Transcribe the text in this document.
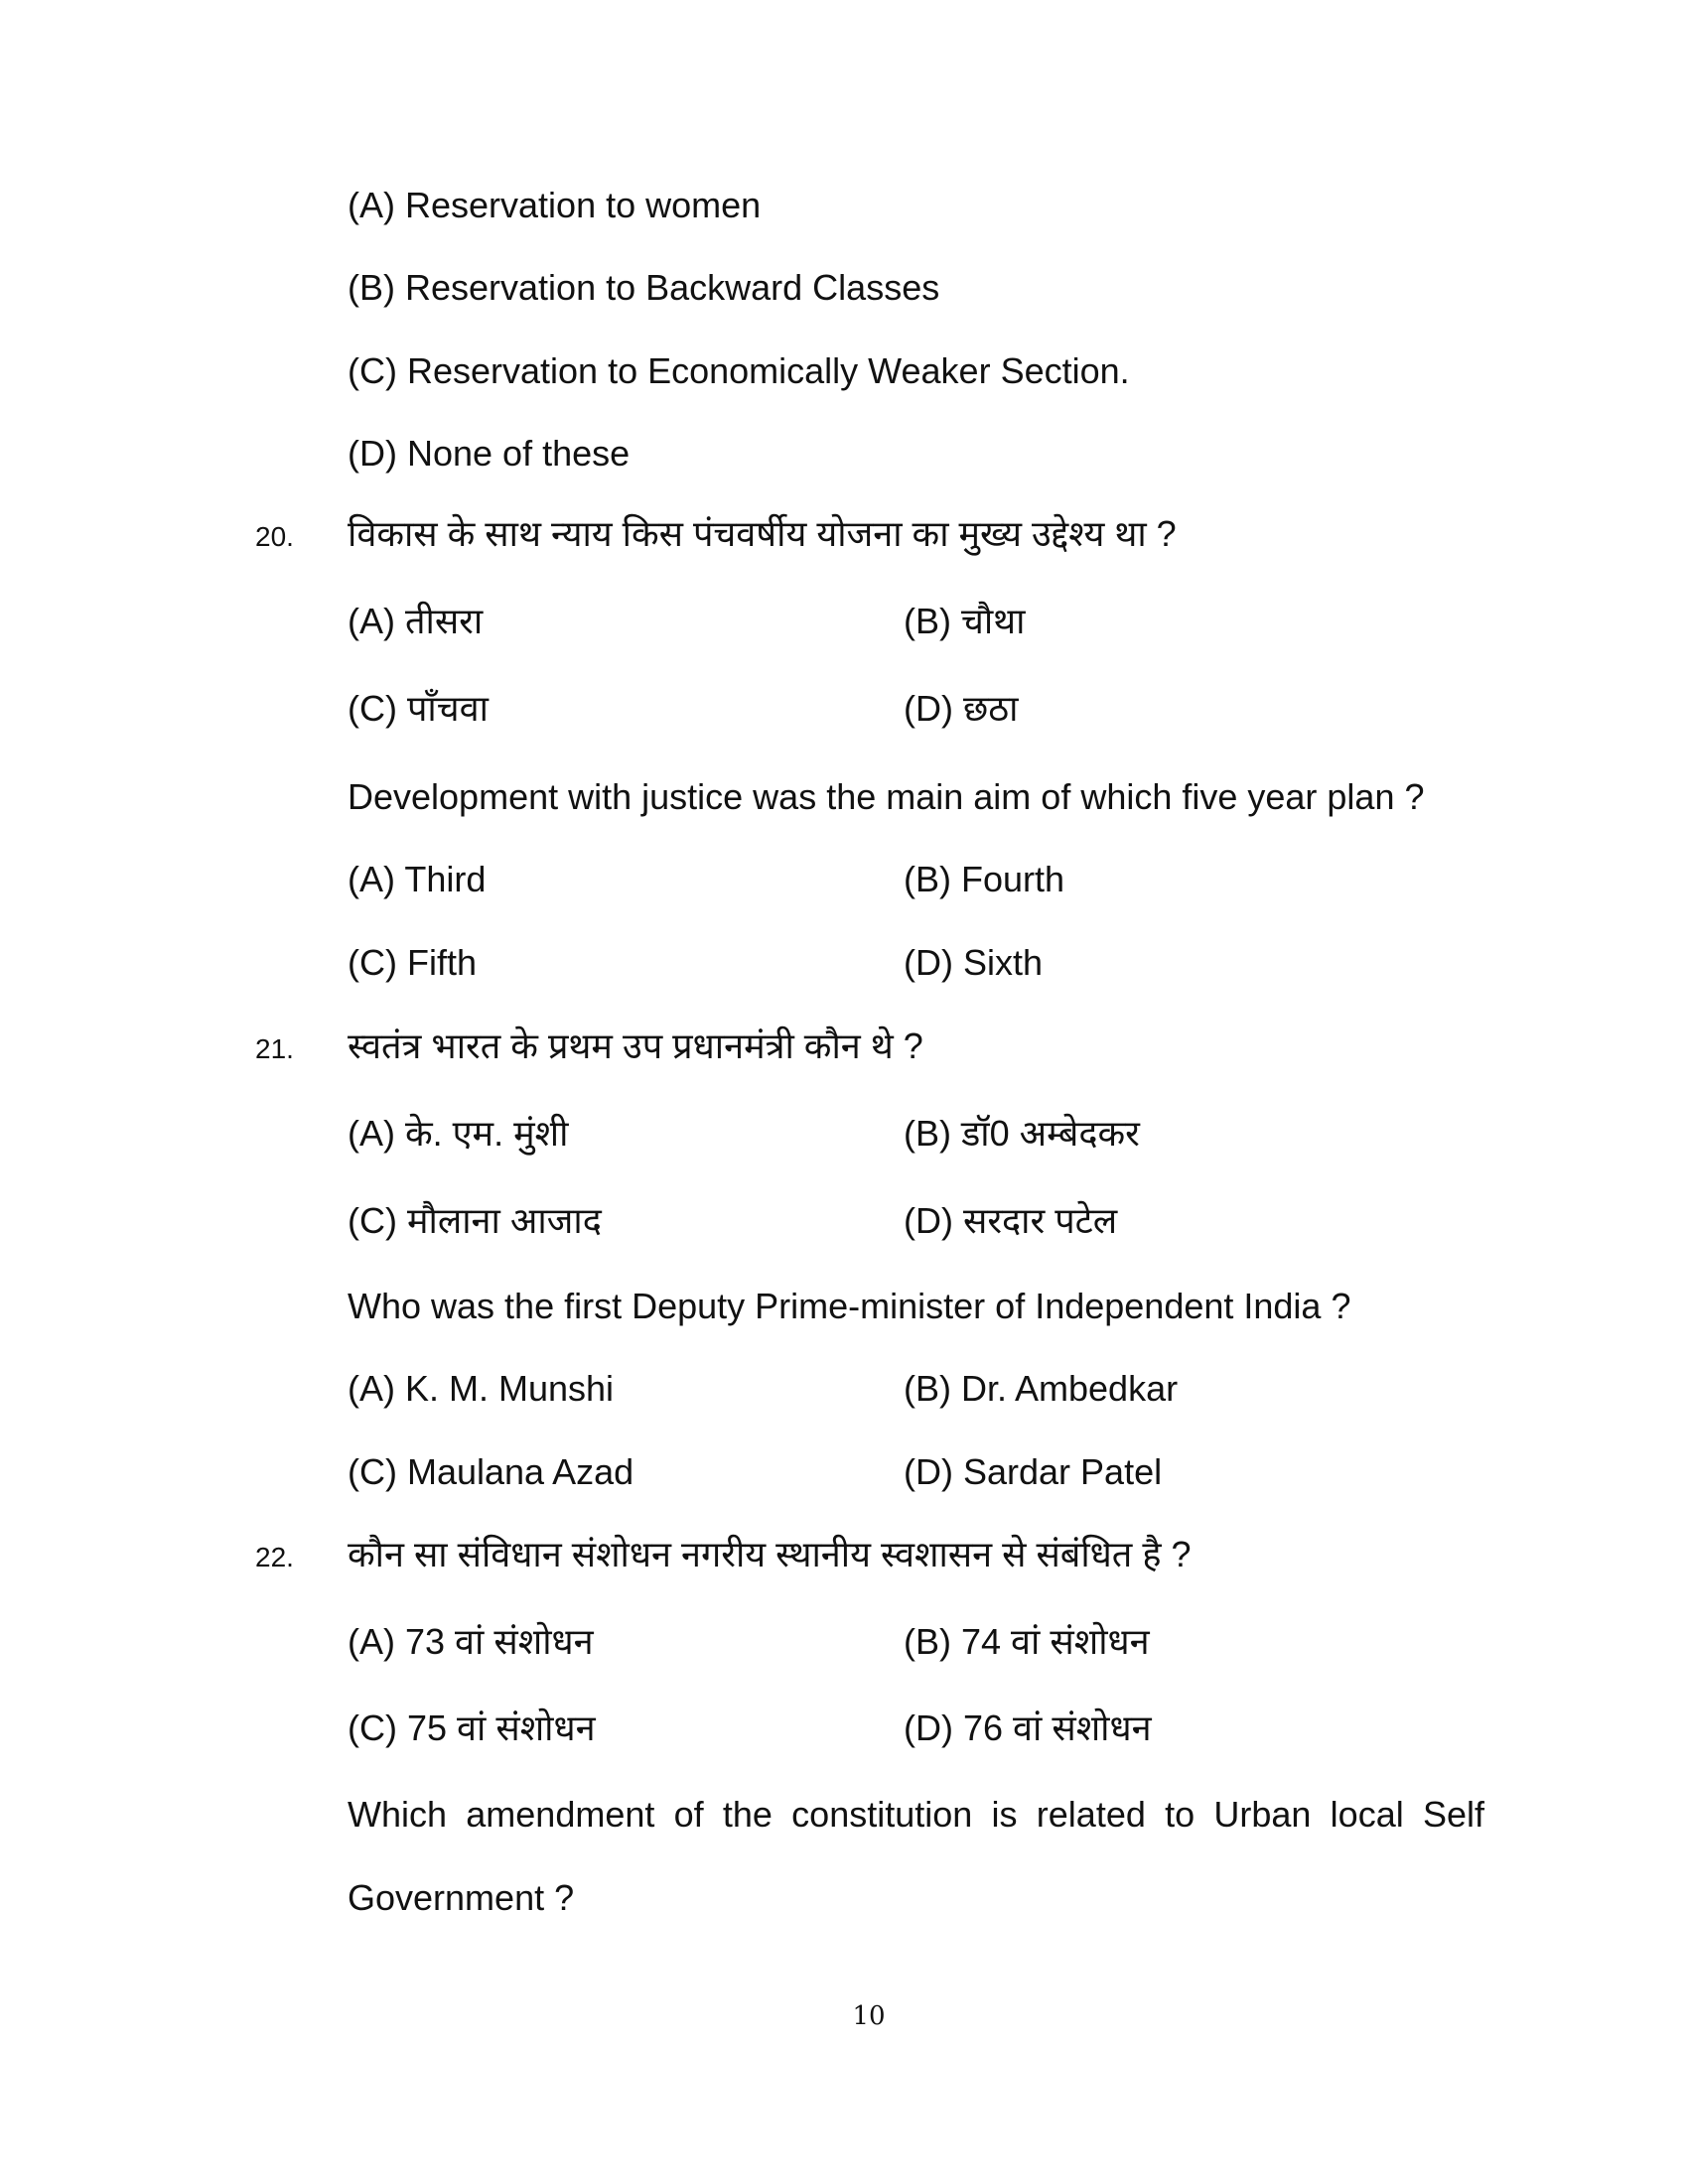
(A) Reservation to women
(B) Reservation to Backward Classes
(C) Reservation to Economically Weaker Section.
(D) None of these
20. विकास के साथ न्याय किस पंचवर्षीय योजना का मुख्य उद्देश्य था ?
(A) तीसरा	(B) चौथा
(C) पाँचवा	(D) छठा
Development with justice was the main aim of which five year plan ?
(A) Third	(B) Fourth
(C) Fifth	(D) Sixth
21. स्वतंत्र भारत के प्रथम उप प्रधानमंत्री कौन थे ?
(A) के. एम. मुंशी	(B) डॉ0 अम्बेदकर
(C) मौलाना आजाद	(D) सरदार पटेल
Who was the first Deputy Prime-minister of Independent India ?
(A) K. M. Munshi	(B) Dr. Ambedkar
(C) Maulana Azad	(D) Sardar Patel
22. कौन सा संविधान संशोधन नगरीय स्थानीय स्वशासन से संबंधित है ?
(A) 73 वां संशोधन	(B) 74 वां संशोधन
(C) 75 वां संशोधन	(D) 76 वां संशोधन
Which amendment of the constitution is related to Urban local Self
Government ?
10
